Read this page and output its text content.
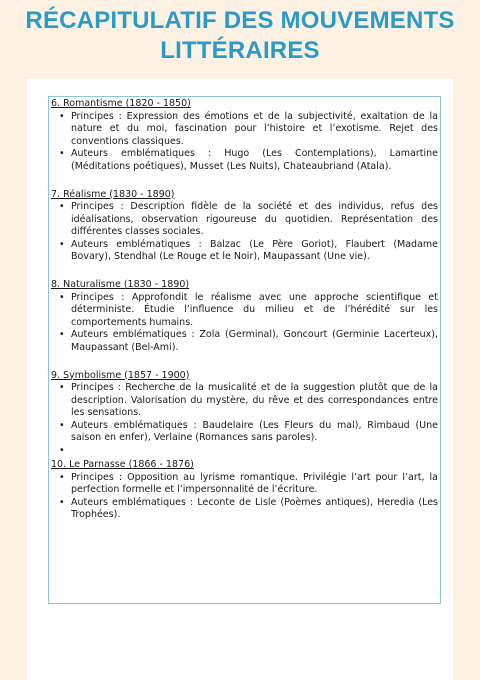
RÉCAPITULATIF DES MOUVEMENTS
LITTÉRAIRES
6. Romantisme (1820 - 1850)
• Principes : Expression des émotions et de la subjectivité, exaltation de la nature et du moi, fascination pour l’histoire et l’exotisme. Rejet des conventions classiques.
• Auteurs emblématiques : Hugo (Les Contemplations), Lamartine (Méditations poétiques), Musset (Les Nuits), Chateaubriand (Atala).
7. Réalisme (1830 - 1890)
• Principes : Description fidèle de la société et des individus, refus des idéalisations, observation rigoureuse du quotidien. Représentation des différentes classes sociales.
• Auteurs emblématiques : Balzac (Le Père Goriot), Flaubert (Madame Bovary), Stendhal (Le Rouge et le Noir), Maupassant (Une vie).
8. Naturalisme (1830 - 1890)
• Principes : Approfondit le réalisme avec une approche scientifique et déterministe. Étudie l’influence du milieu et de l’hérédité sur les comportements humains.
• Auteurs emblématiques : Zola (Germinal), Goncourt (Germinie Lacerteux), Maupassant (Bel-Ami).
9. Symbolisme (1857 - 1900)
• Principes : Recherche de la musicalité et de la suggestion plutôt que de la description. Valorisation du mystère, du rêve et des correspondances entre les sensations.
• Auteurs emblématiques : Baudelaire (Les Fleurs du mal), Rimbaud (Une saison en enfer), Verlaine (Romances sans paroles).
•

10. Le Parnasse (1866 - 1876)
• Principes : Opposition au lyrisme romantique. Privilégie l’art pour l’art, la perfection formelle et l’impersonnalité de l’écriture.
• Auteurs emblématiques : Leconte de Lisle (Poèmes antiques), Heredia (Les Trophées).
